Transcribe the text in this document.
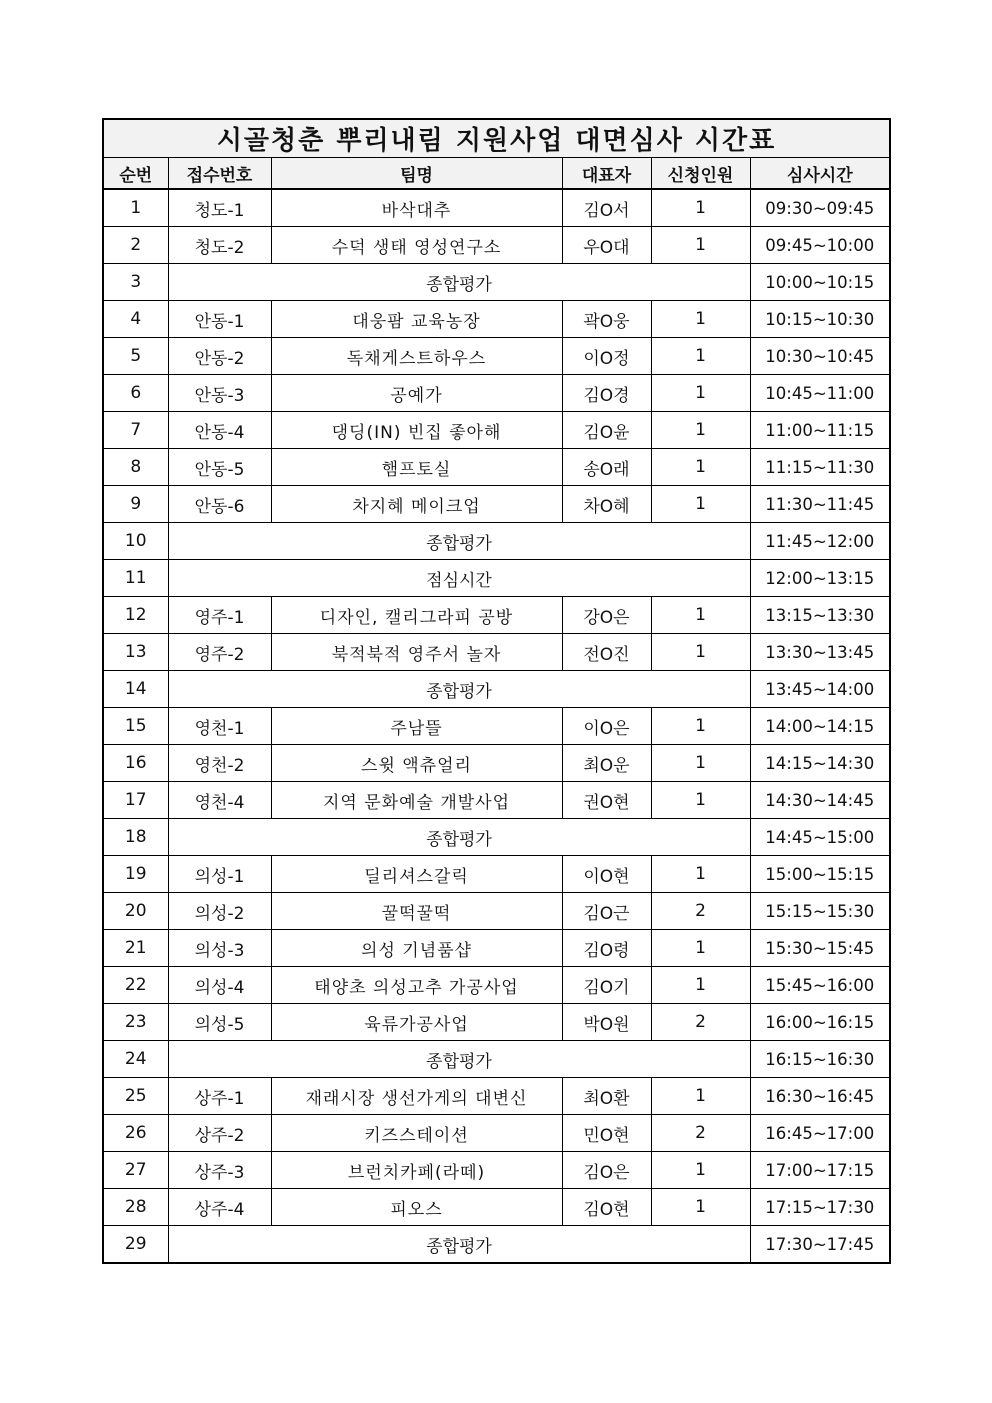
시골청춘 뿌리내림 지원사업 대면심사 시간표					
순번	접수번호	팀명	대표자	신청인원	심사시간
1	청도-1	바삭대추	김O서	1	09:30~09:45
2	청도-2	수덕 생태 영성연구소	우O대	1	09:45~10:00
3	종합평가				10:00~10:15
4	안동-1	대웅팜 교육농장	곽O웅	1	10:15~10:30
5	안동-2	독채게스트하우스	이O정	1	10:30~10:45
6	안동-3	공예가	김O경	1	10:45~11:00
7	안동-4	댕딩(IN) 빈집 좋아해	김O윤	1	11:00~11:15
8	안동-5	햄프토실	송O래	1	11:15~11:30
9	안동-6	차지혜 메이크업	차O혜	1	11:30~11:45
10	종합평가				11:45~12:00
11	점심시간				12:00~13:15
12	영주-1	디자인, 캘리그라피 공방	강O은	1	13:15~13:30
13	영주-2	북적북적 영주서 놀자	전O진	1	13:30~13:45
14	종합평가				13:45~14:00
15	영천-1	주남뜰	이O은	1	14:00~14:15
16	영천-2	스윗 액츄얼리	최O운	1	14:15~14:30
17	영천-4	지역 문화예술 개발사업	권O현	1	14:30~14:45
18	종합평가				14:45~15:00
19	의성-1	딜리셔스갈릭	이O현	1	15:00~15:15
20	의성-2	꿀떡꿀떡	김O근	2	15:15~15:30
21	의성-3	의성 기념품샵	김O령	1	15:30~15:45
22	의성-4	태양초 의성고추 가공사업	김O기	1	15:45~16:00
23	의성-5	육류가공사업	박O원	2	16:00~16:15
24	종합평가				16:15~16:30
25	상주-1	재래시장 생선가게의 대변신	최O환	1	16:30~16:45
26	상주-2	키즈스테이션	민O현	2	16:45~17:00
27	상주-3	브런치카페(라떼)	김O은	1	17:00~17:15
28	상주-4	피오스	김O현	1	17:15~17:30
29	종합평가				17:30~17:45
